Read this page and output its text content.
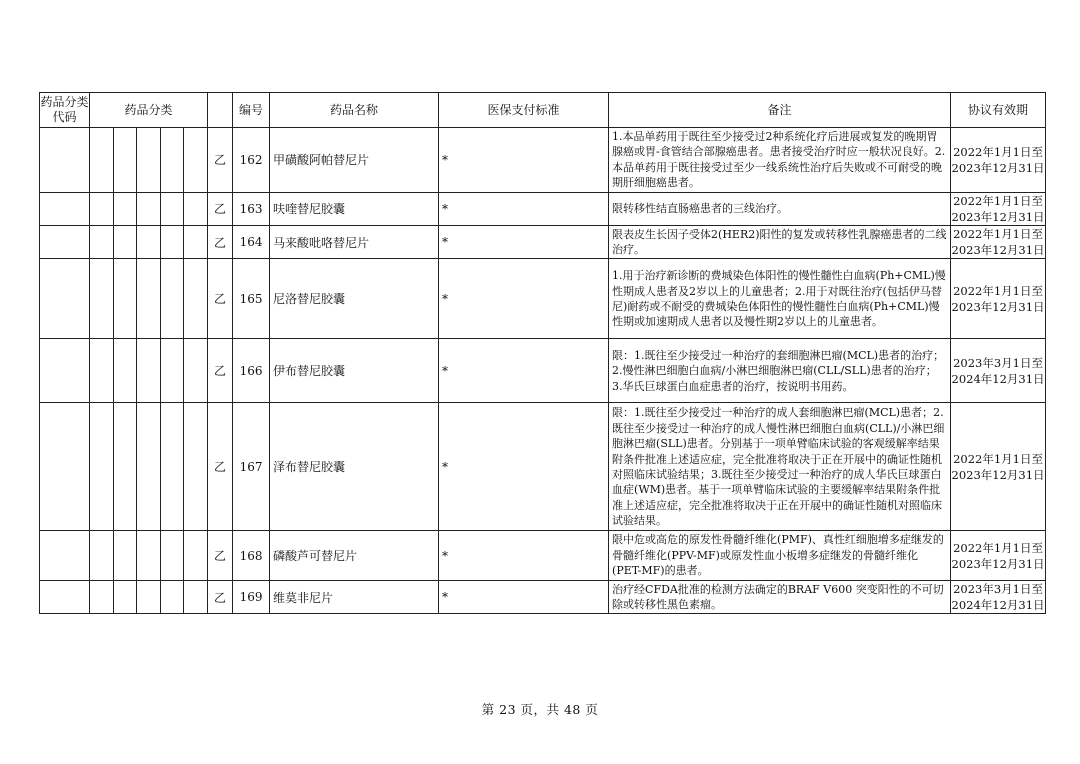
药品分类代码	药品分类						编号	药品名称	医保支付标准	备注	协议有效期
						乙	162	甲磺酸阿帕替尼片	*	1.本品单药用于既往至少接受过2种系统化疗后进展或复发的晚期胃腺癌或胃-食管结合部腺癌患者。患者接受治疗时应一般状况良好。2.本品单药用于既往接受过至少一线系统性治疗后失败或不可耐受的晚期肝细胞癌患者。	2022年1月1日至2023年12月31日
						乙	163	呋喹替尼胶囊	*	限转移性结直肠癌患者的三线治疗。	2022年1月1日至2023年12月31日
						乙	164	马来酸吡咯替尼片	*	限表皮生长因子受体2(HER2)阳性的复发或转移性乳腺癌患者的二线治疗。	2022年1月1日至2023年12月31日
						乙	165	尼洛替尼胶囊	*	1.用于治疗新诊断的费城染色体阳性的慢性髓性白血病(Ph+CML)慢性期成人患者及2岁以上的儿童患者；2.用于对既往治疗(包括伊马替尼)耐药或不耐受的费城染色体阳性的慢性髓性白血病(Ph+CML)慢性期或加速期成人患者以及慢性期2岁以上的儿童患者。	2022年1月1日至2023年12月31日
						乙	166	伊布替尼胶囊	*	限：1.既往至少接受过一种治疗的套细胞淋巴瘤(MCL)患者的治疗；2.慢性淋巴细胞白血病/小淋巴细胞淋巴瘤(CLL/SLL)患者的治疗；3.华氏巨球蛋白血症患者的治疗，按说明书用药。	2023年3月1日至2024年12月31日
						乙	167	泽布替尼胶囊	*	限：1.既往至少接受过一种治疗的成人套细胞淋巴瘤(MCL)患者；2.既往至少接受过一种治疗的成人慢性淋巴细胞白血病(CLL)/小淋巴细胞淋巴瘤(SLL)患者。分别基于一项单臂临床试验的客观缓解率结果附条件批准上述适应症，完全批准将取决于正在开展中的确证性随机对照临床试验结果；3.既往至少接受过一种治疗的成人华氏巨球蛋白血症(WM)患者。基于一项单臂临床试验的主要缓解率结果附条件批准上述适应症，完全批准将取决于正在开展中的确证性随机对照临床试验结果。	2022年1月1日至2023年12月31日
						乙	168	磷酸芦可替尼片	*	限中危或高危的原发性骨髓纤维化(PMF)、真性红细胞增多症继发的骨髓纤维化(PPV-MF)或原发性血小板增多症继发的骨髓纤维化(PET-MF)的患者。	2022年1月1日至2023年12月31日
						乙	169	维莫非尼片	*	治疗经CFDA批准的检测方法确定的BRAF V600 突变阳性的不可切除或转移性黑色素瘤。	2023年3月1日至2024年12月31日
第 23 页，共 48 页
